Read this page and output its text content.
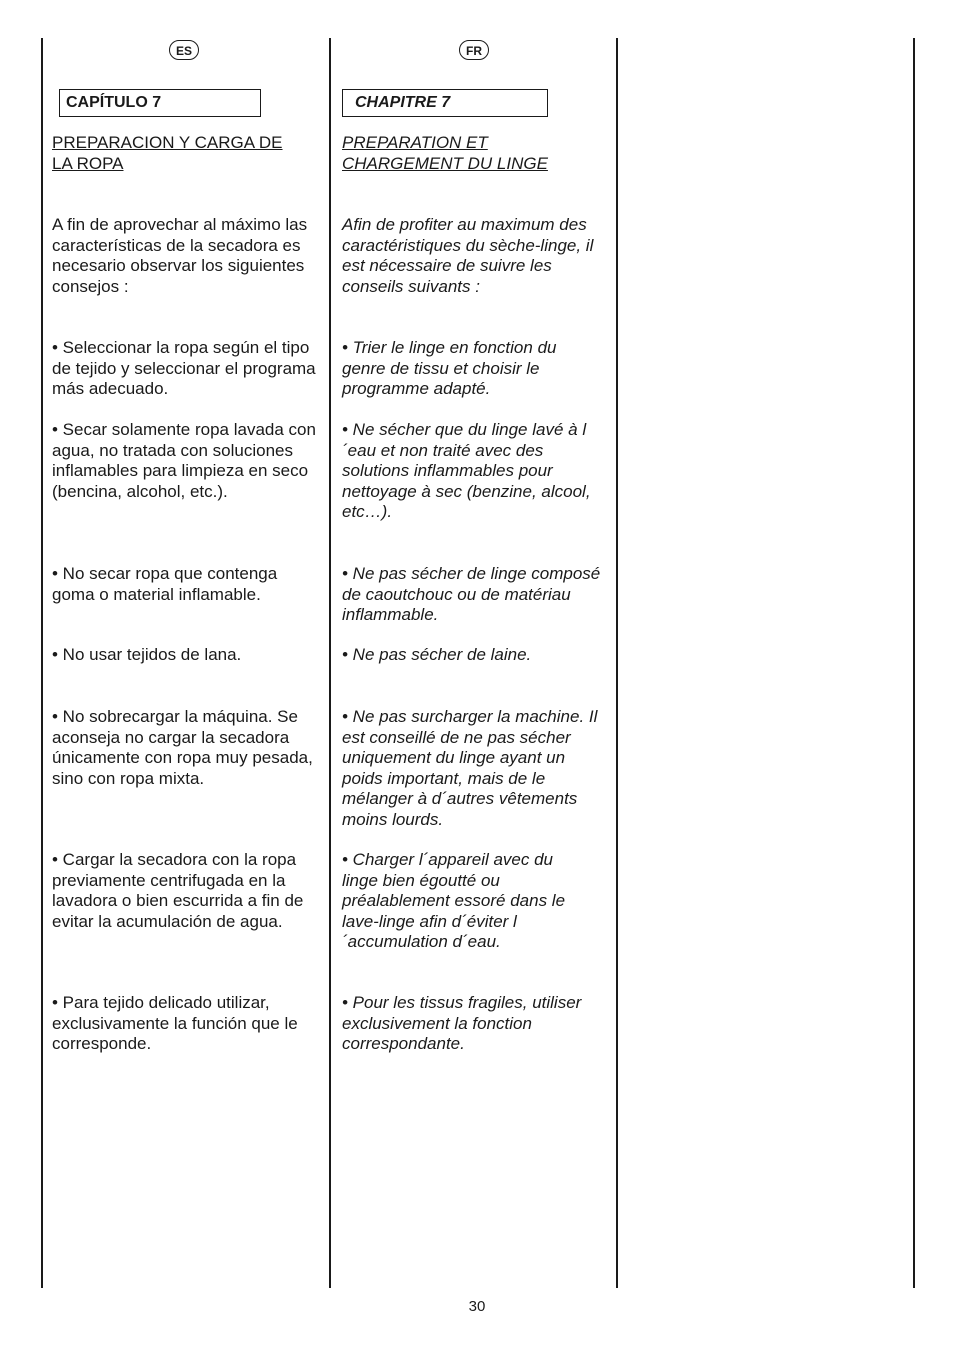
ES	FR
CAPÍTULO 7	CHAPITRE 7

PREPARACION Y CARGA DE LA ROPA

A fin de aprovechar al máximo las características de la secadora es necesario observar los siguientes consejos :

• Seleccionar la ropa según el tipo de tejido y seleccionar el programa más adecuado.

• Secar solamente ropa lavada con agua, no tratada con soluciones inflamables para limpieza en seco (bencina, alcohol, etc.).

• No secar ropa que contenga goma o material inflamable.

• No usar tejidos de lana.

• No sobrecargar la máquina. Se aconseja no cargar la secadora únicamente con ropa muy pesada, sino con ropa mixta.

• Cargar la secadora con la ropa previamente centrifugada en la lavadora o bien escurrida a fin de evitar la acumulación de agua.

• Para tejido delicado utilizar, exclusivamente la función que le corresponde.

PREPARATION ET CHARGEMENT DU LINGE

Afin de profiter au maximum des caractéristiques du sèche-linge, il est nécessaire de suivre les conseils suivants :

• Trier le linge en fonction du genre de tissu et choisir le programme adapté.

• Ne sécher que du linge lavé à l´eau et non traité avec des solutions inflammables pour nettoyage à sec (benzine, alcool, etc…).

• Ne pas sécher de linge composé de caoutchouc ou de matériau inflammable.

• Ne pas sécher de laine.

• Ne pas surcharger la machine. Il est conseillé de ne pas sécher uniquement du linge ayant un poids important, mais de le mélanger à d´autres vêtements moins lourds.

• Charger l´appareil avec du linge bien égoutté ou préalablement essoré dans le lave-linge afin d´éviter l´accumulation d´eau.

• Pour les tissus fragiles, utiliser exclusivement la fonction correspondante.

30
